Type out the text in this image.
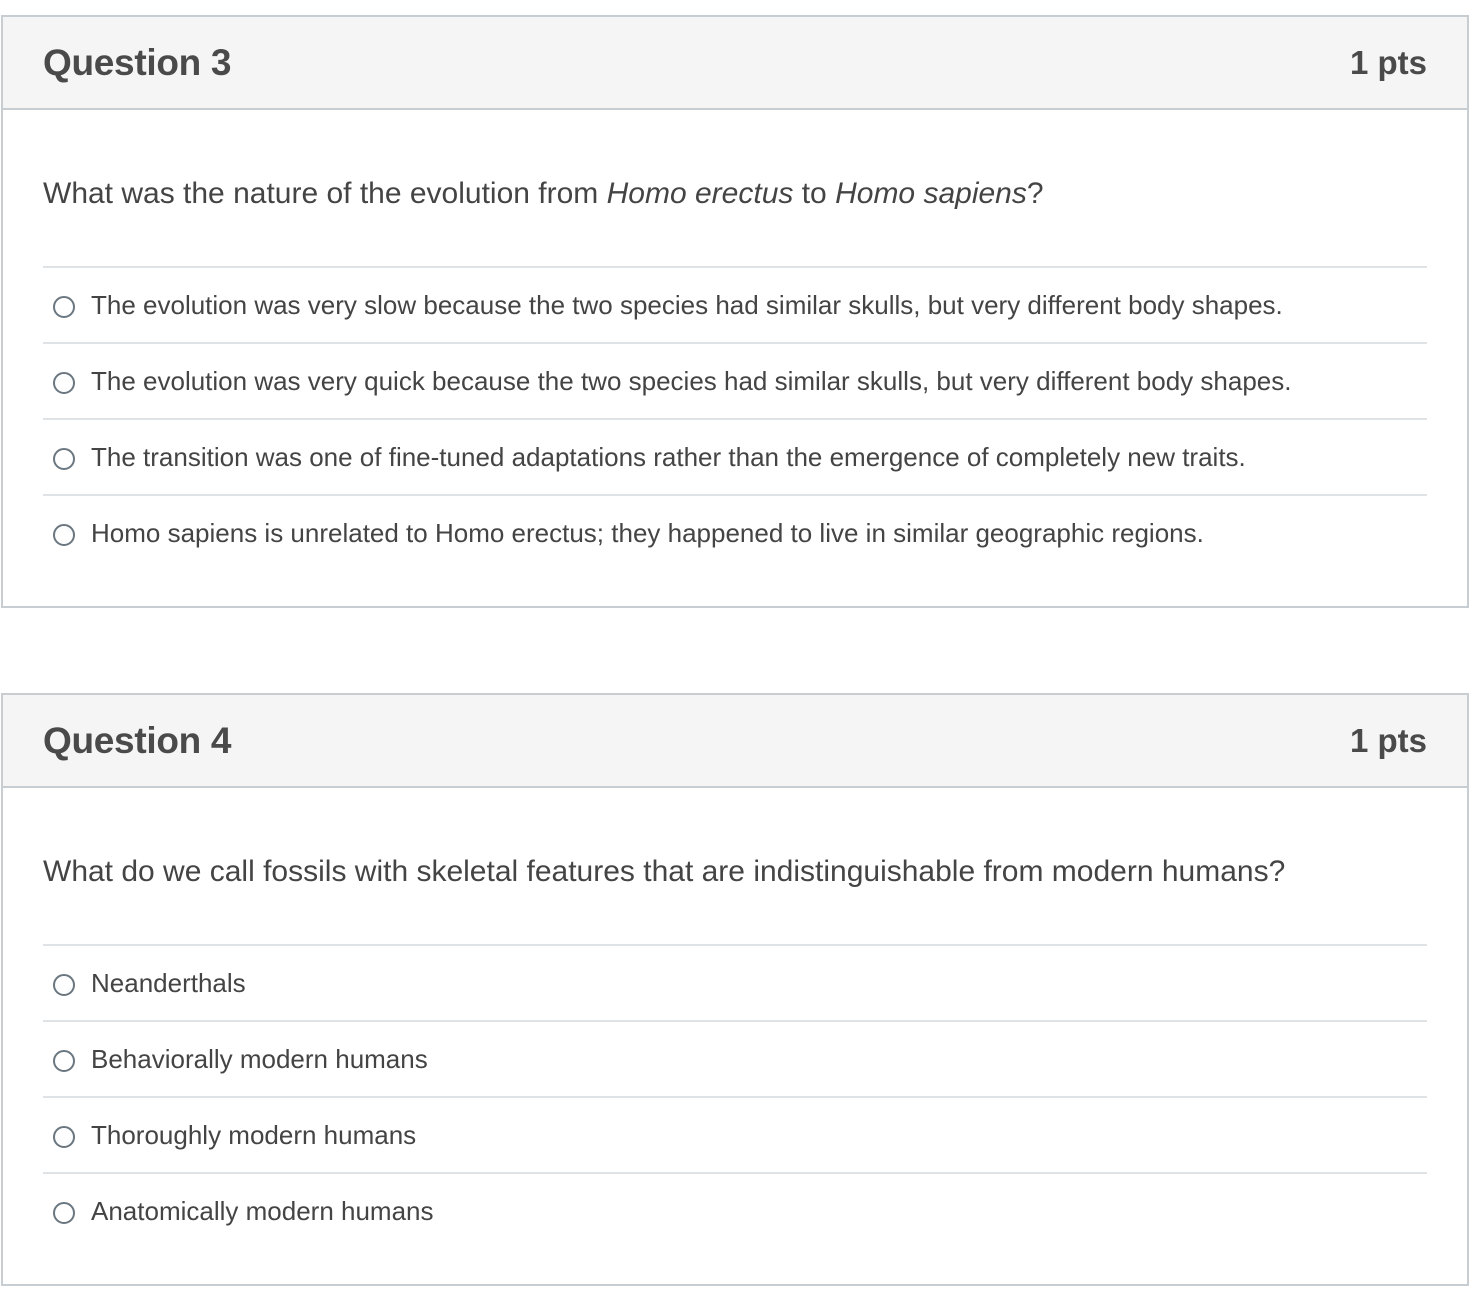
Question 3	1 pts
What was the nature of the evolution from Homo erectus to Homo sapiens?
The evolution was very slow because the two species had similar skulls, but very different body shapes.
The evolution was very quick because the two species had similar skulls, but very different body shapes.
The transition was one of fine-tuned adaptations rather than the emergence of completely new traits.
Homo sapiens is unrelated to Homo erectus; they happened to live in similar geographic regions.
Question 4	1 pts
What do we call fossils with skeletal features that are indistinguishable from modern humans?
Neanderthals
Behaviorally modern humans
Thoroughly modern humans
Anatomically modern humans
